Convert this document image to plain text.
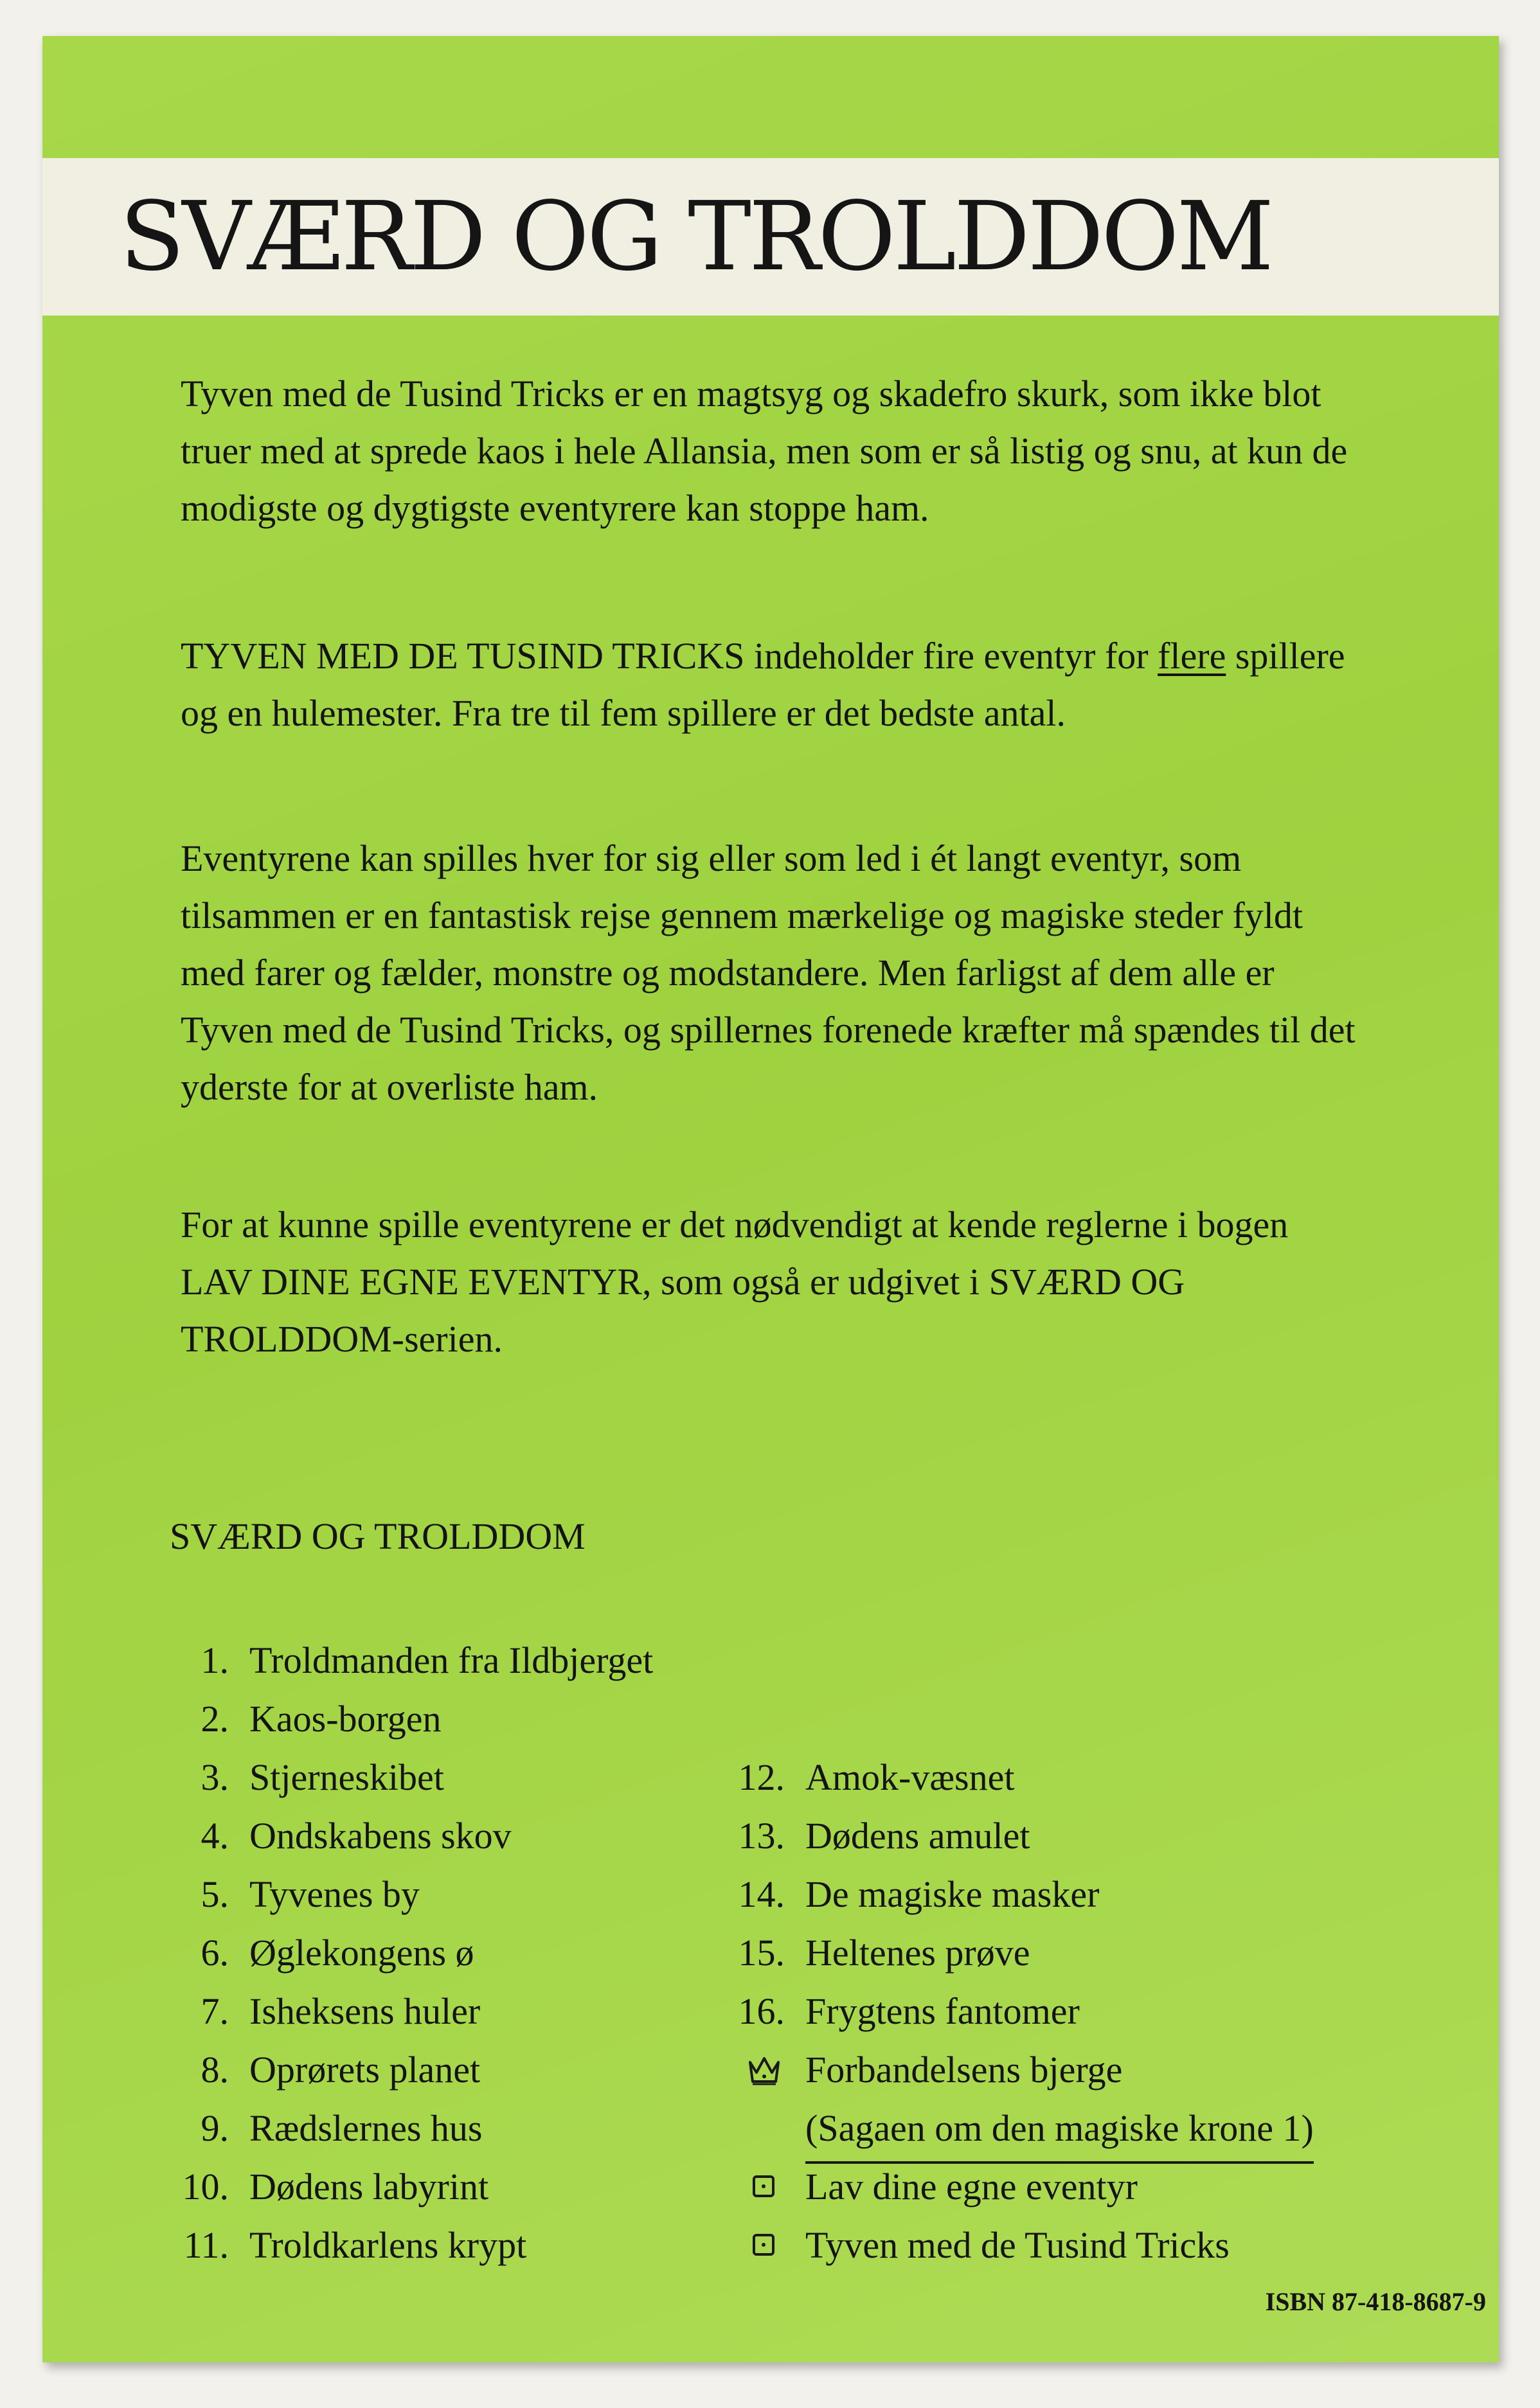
SVÆRD OG TROLDDOM

Tyven med de Tusind Tricks er en magtsyg og skadefro skurk, som ikke blot truer med at sprede kaos i hele Allansia, men som er så listig og snu, at kun de modigste og dygtigste eventyrere kan stoppe ham.

TYVEN MED DE TUSIND TRICKS indeholder fire eventyr for flere spillere og en hulemester. Fra tre til fem spillere er det bedste antal.

Eventyrene kan spilles hver for sig eller som led i ét langt eventyr, som tilsammen er en fantastisk rejse gennem mærkelige og magiske steder fyldt med farer og fælder, monstre og modstandere. Men farligst af dem alle er Tyven med de Tusind Tricks, og spillernes forenede kræfter må spændes til det yderste for at overliste ham.

For at kunne spille eventyrene er det nødvendigt at kende reglerne i bogen LAV DINE EGNE EVENTYR, som også er udgivet i SVÆRD OG TROLDDOM-serien.

SVÆRD OG TROLDDOM
1. Troldmanden fra Ildbjerget
2. Kaos-borgen
3. Stjerneskibet
4. Ondskabens skov
5. Tyvenes by
6. Øglekongens ø
7. Isheksens huler
8. Oprørets planet
9. Rædslernes hus
10. Dødens labyrint
11. Troldkarlens krypt
12. Amok-væsnet
13. Dødens amulet
14. De magiske masker
15. Heltenes prøve
16. Frygtens fantomer
Forbandelsens bjerge
(Sagaen om den magiske krone 1)
Lav dine egne eventyr
Tyven med de Tusind Tricks
ISBN 87-418-8687-9
